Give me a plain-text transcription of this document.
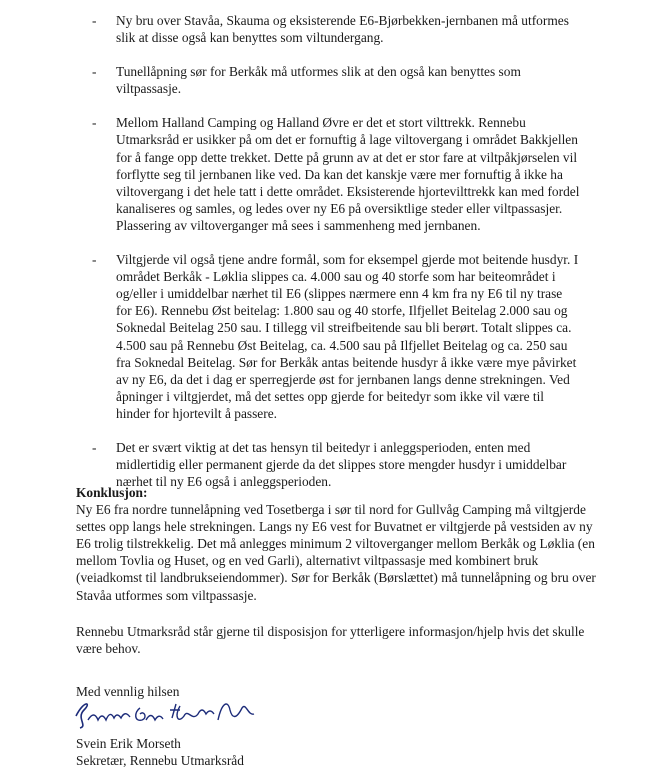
- Ny bru over Stavåa, Skauma og eksisterende E6-Bjørbekken-jernbanen må utformes slik at disse også kan benyttes som viltundergang.
- Tunellåpning sør for Berkåk må utformes slik at den også kan benyttes som viltpassasje.
- Mellom Halland Camping og Halland Øvre er det et stort vilttrekk. Rennebu Utmarksråd er usikker på om det er fornuftig å lage viltovergang i området Bakkjellen for å fange opp dette trekket. Dette på grunn av at det er stor fare at viltpåkjørselen vil forflytte seg til jernbanen like ved. Da kan det kanskje være mer fornuftig å ikke ha viltovergang i det hele tatt i dette området. Eksisterende hjortevilttrekk kan med fordel kanaliseres og samles, og ledes over ny E6 på oversiktlige steder eller viltpassasjer. Plassering av viltoverganger må sees i sammenheng med jernbanen.
- Viltgjerde vil også tjene andre formål, som for eksempel gjerde mot beitende husdyr. I området Berkåk - Løklia slippes ca. 4.000 sau og 40 storfe som har beiteområdet i og/eller i umiddelbar nærhet til E6 (slippes nærmere enn 4 km fra ny E6 til ny trase for E6). Rennebu Øst beitelag: 1.800 sau og 40 storfe, Ilfjellet Beitelag 2.000 sau og Soknedal Beitelag 250 sau. I tillegg vil streifbeitende sau bli berørt. Totalt slippes ca. 4.500 sau på Rennebu Øst Beitelag, ca. 4.500 sau på Ilfjellet Beitelag og ca. 250 sau fra Soknedal Beitelag. Sør for Berkåk antas beitende husdyr å ikke være mye påvirket av ny E6, da det i dag er sperregjerde øst for jernbanen langs denne strekningen. Ved åpninger i viltgjerdet, må det settes opp gjerde for beitedyr som ikke vil være til hinder for hjortevilt å passere.
- Det er svært viktig at det tas hensyn til beitedyr i anleggsperioden, enten med midlertidig eller permanent gjerde da det slippes store mengder husdyr i umiddelbar nærhet til ny E6 også i anleggsperioden.
Konklusjon:
Ny E6 fra nordre tunnelåpning ved Tosetberga i sør til nord for Gullvåg Camping må viltgjerde settes opp langs hele strekningen. Langs ny E6 vest for Buvatnet er viltgjerde på vestsiden av ny E6 trolig tilstrekkelig. Det må anlegges minimum 2 viltoverganger mellom Berkåk og Løklia (en mellom Tovlia og Huset, og en ved Garli), alternativt viltpassasje med kombinert bruk (veiadkomst til landbrukseiendommer). Sør for Berkåk (Børslættet) må tunnelåpning og bru over Stavåa utformes som viltpassasje.
Rennebu Utmarksråd står gjerne til disposisjon for ytterligere informasjon/hjelp hvis det skulle være behov.
Med vennlig hilsen
Svein Erik Morseth
Sekretær, Rennebu Utmarksråd
